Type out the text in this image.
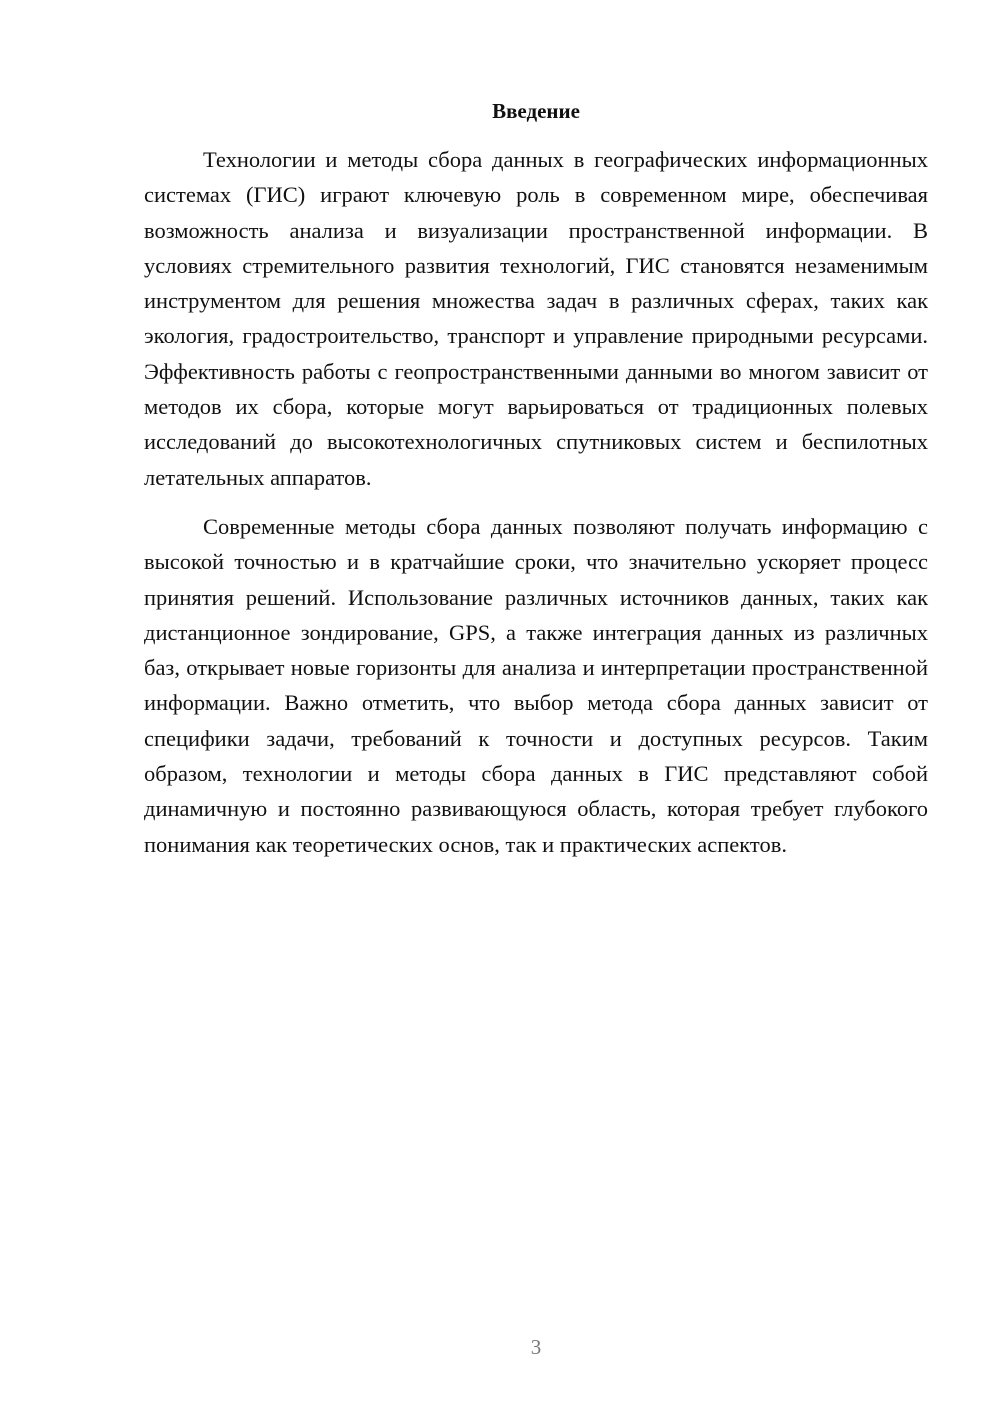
Введение

Технологии и методы сбора данных в географических информационных системах (ГИС) играют ключевую роль в современном мире, обеспечивая возможность анализа и визуализации пространственной информации. В условиях стремительного развития технологий, ГИС становятся незаменимым инструментом для решения множества задач в различных сферах, таких как экология, градостроительство, транспорт и управление природными ресурсами. Эффективность работы с геопространственными данными во многом зависит от методов их сбора, которые могут варьироваться от традиционных полевых исследований до высокотехнологичных спутниковых систем и беспилотных летательных аппаратов.

Современные методы сбора данных позволяют получать информацию с высокой точностью и в кратчайшие сроки, что значительно ускоряет процесс принятия решений. Использование различных источников данных, таких как дистанционное зондирование, GPS, а также интеграция данных из различных баз, открывает новые горизонты для анализа и интерпретации пространственной информации. Важно отметить, что выбор метода сбора данных зависит от специфики задачи, требований к точности и доступных ресурсов. Таким образом, технологии и методы сбора данных в ГИС представляют собой динамичную и постоянно развивающуюся область, которая требует глубокого понимания как теоретических основ, так и практических аспектов.

3
